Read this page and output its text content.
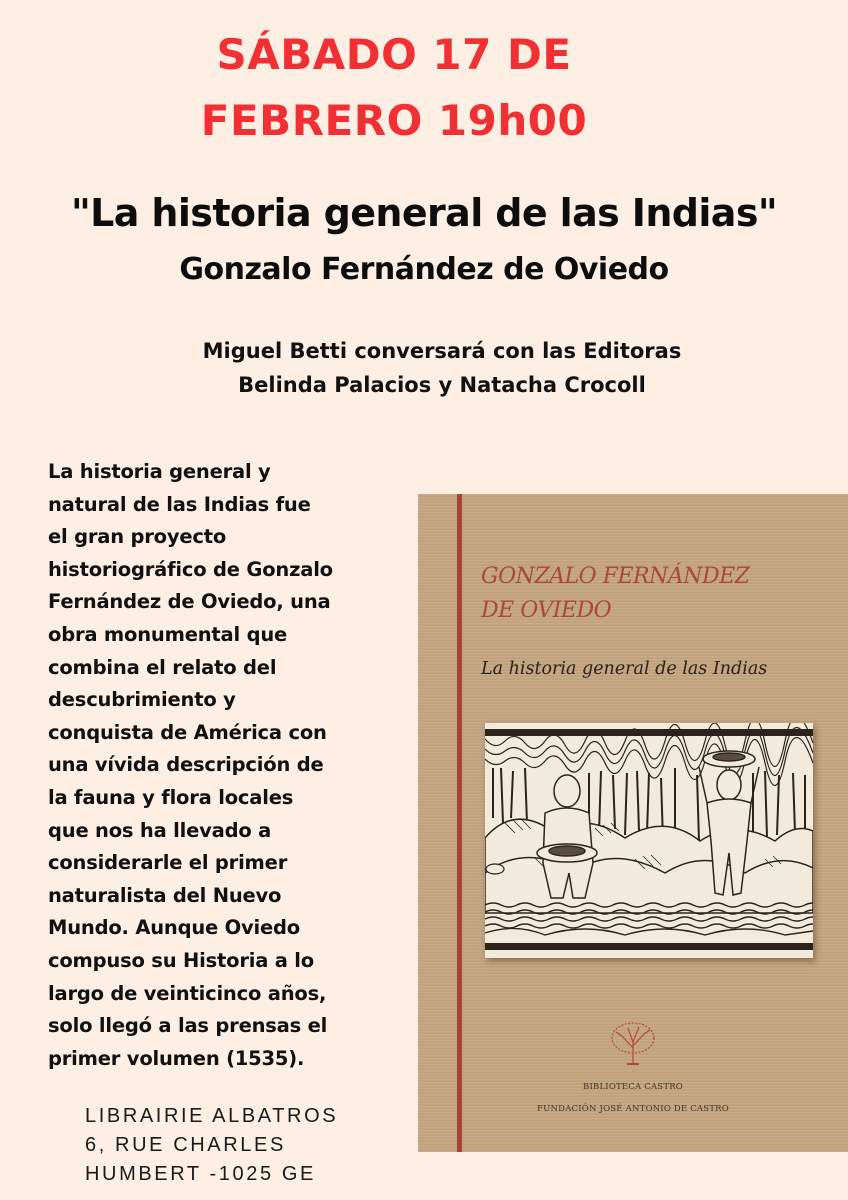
SÁBADO 17 DE
FEBRERO 19h00
"La historia general de las Indias"
Gonzalo Fernández de Oviedo
Miguel Betti conversará con las Editoras
Belinda Palacios y Natacha Crocoll
La historia general y
natural de las Indias fue
el gran proyecto
historiográfico de Gonzalo
Fernández de Oviedo, una
obra monumental que
combina el relato del
descubrimiento y
conquista de América con
una vívida descripción de
la fauna y flora locales
que nos ha llevado a
considerarle el primer
naturalista del Nuevo
Mundo. Aunque Oviedo
compuso su Historia a lo
largo de veinticinco años,
solo llegó a las prensas el
primer volumen (1535).
LIBRAIRIE ALBATROS
6, RUE CHARLES
HUMBERT -1025 GE
GONZALO FERNÁNDEZ
DE OVIEDO
La historia general de las Indias
BIBLIOTECA CASTRO
FUNDACIÓN JOSÉ ANTONIO DE CASTRO
